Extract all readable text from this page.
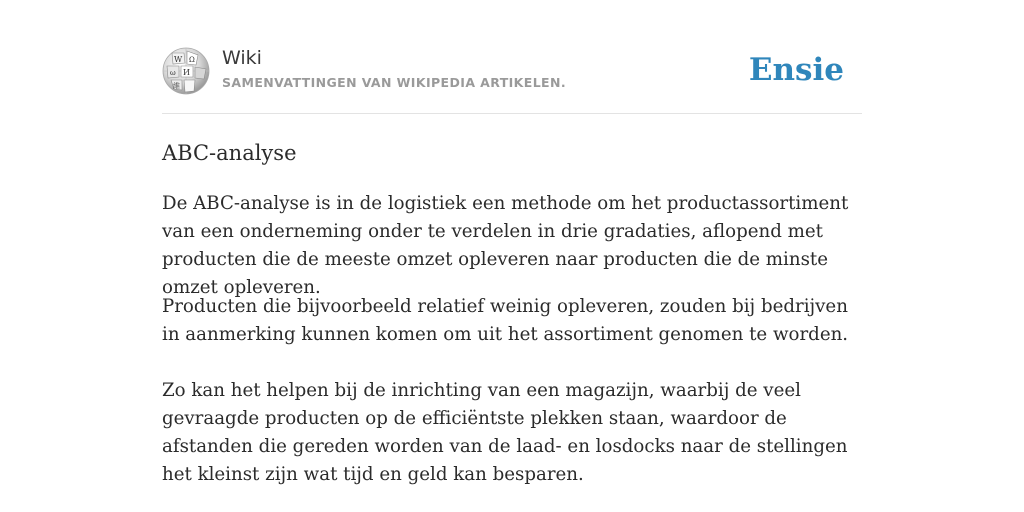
W Ω
И
ω
維
Wiki
SAMENVATTINGEN VAN WIKIPEDIA ARTIKELEN.	Ensie
ABC-analyse

De ABC-analyse is in de logistiek een methode om het productassortiment van een onderneming onder te verdelen in drie gradaties, aflopend met producten die de meeste omzet opleveren naar producten die de minste omzet opleveren.

Producten die bijvoorbeeld relatief weinig opleveren, zouden bij bedrijven in aanmerking kunnen komen om uit het assortiment genomen te worden.

Zo kan het helpen bij de inrichting van een magazijn, waarbij de veel gevraagde producten op de efficiëntste plekken staan, waardoor de afstanden die gereden worden van de laad- en losdocks naar de stellingen het kleinst zijn wat tijd en geld kan besparen.
